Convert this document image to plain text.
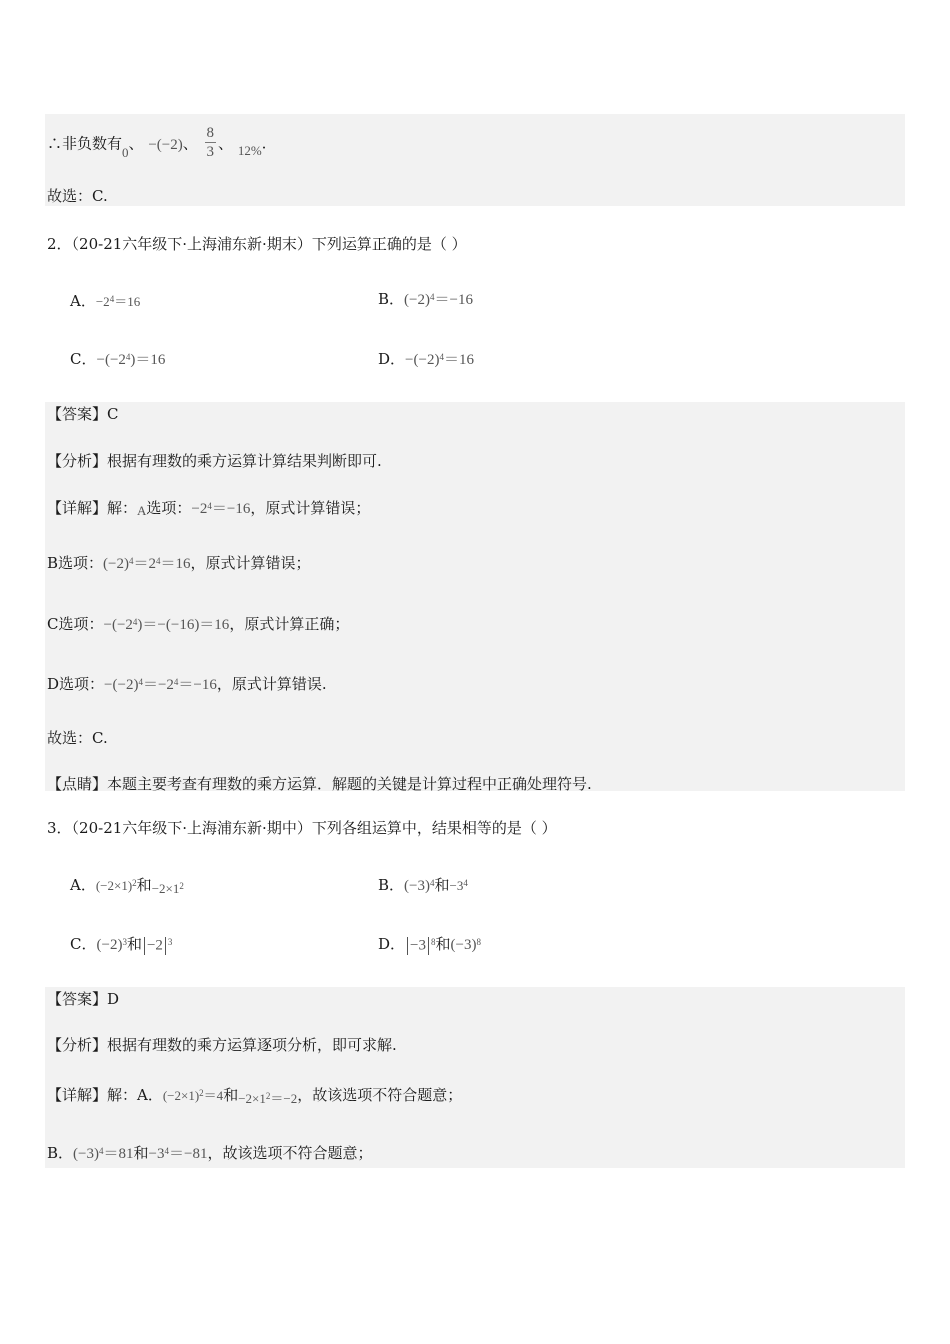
∴非负数有0、 −(−2)、 $\frac{8}{3}$ 、 12%.
故选：C.
2．（20-21六年级下·上海浦东新·期末）下列运算正确的是（ ）
A．$-2^4=16$	B．$(-2)^4=-16$
C．$-(-2^4)=16$	D．$-(-2)^4=16$
【答案】C
【分析】根据有理数的乘方运算计算结果判断即可.
【详解】解：A选项：$-2^4=-16$，原式计算错误；
B选项：$(-2)^4=2^4=16$，原式计算错误；
C选项：$-(-2^4)=-(-16)=16$，原式计算正确；
D选项：$-(-2)^4=-2^4=-16$，原式计算错误.
故选：C.
【点睛】本题主要考查有理数的乘方运算．解题的关键是计算过程中正确处理符号.
3．（20-21六年级下·上海浦东新·期中）下列各组运算中，结果相等的是（ ）
A．$(-2\times 1)^2$和$-2\times 1^2$	B．$(-3)^4$和$-3^4$
C．$(-2)^3$和 −2 $^3$	D． −3 $^8$和$(-3)^8$
【答案】D
【分析】根据有理数的乘方运算逐项分析，即可求解.
【详解】解：A．$(-2\times 1)^2=4$和$-2\times 1^2=-2$，故该选项不符合题意；
B．$(-3)^4=81$和$-3^4=-81$，故该选项不符合题意；
